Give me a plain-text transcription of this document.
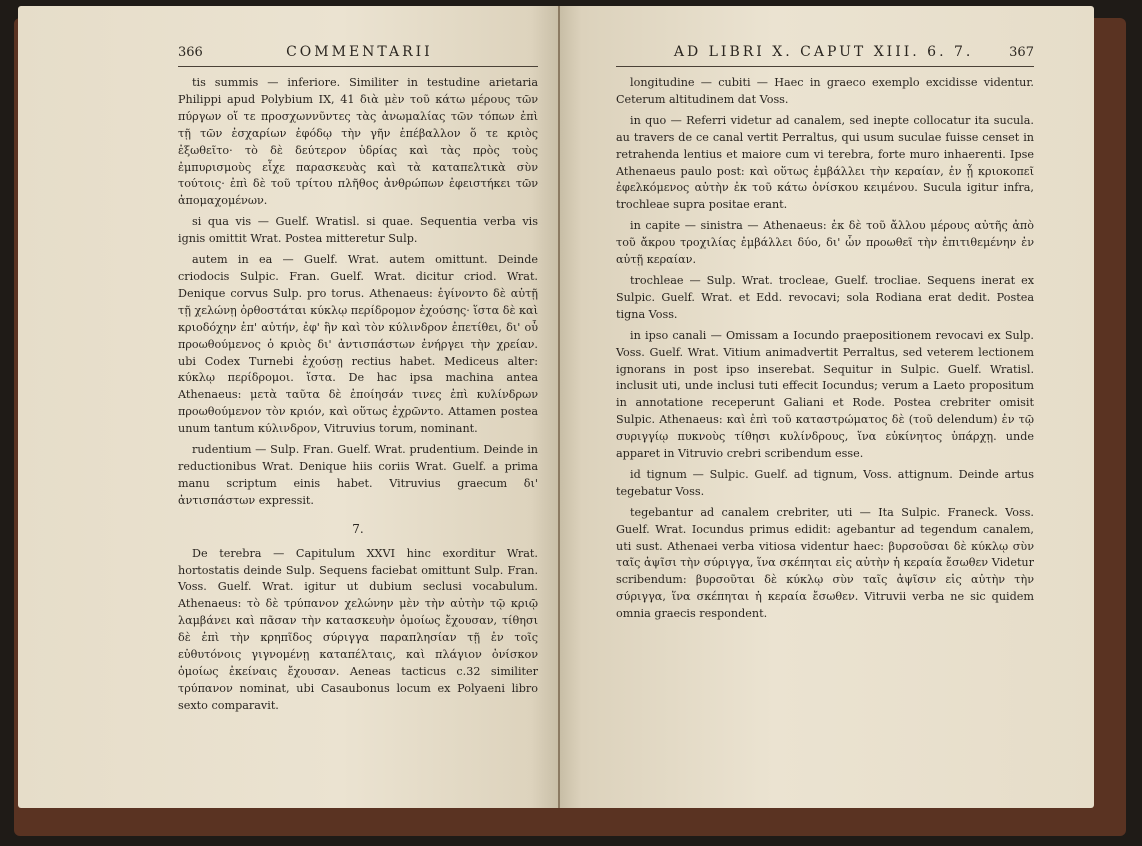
366	COMMENTARII

tis summis — inferiore. Similiter in testudine arietaria Philippi apud Polybium IX, 41 διὰ μὲν τοῦ κάτω μέρους τῶν πύργων οἵ τε προσχωννῦντες τὰς ἀνωμαλίας τῶν τόπων ἐπὶ τῇ τῶν ἐσχαρίων ἐφόδῳ τὴν γῆν ἐπέβαλλον ὅ τε κριὸς ἐξωθεῖτο· τὸ δὲ δεύτερον ὑδρίας καὶ τὰς πρὸς τοὺς ἐμπυρισμοὺς εἶχε παρασκευὰς καὶ τὰ καταπελτικὰ σὺν τούτοις· ἐπὶ δὲ τοῦ τρίτου πλῆθος ἀνθρώπων ἐφειστήκει τῶν ἀπομαχομένων.

si qua vis — Guelf. Wratisl. si quae. Sequentia verba vis ignis omittit Wrat. Postea mitteretur Sulp.

autem in ea — Guelf. Wrat. autem omittunt. Deinde criodocis Sulpic. Fran. Guelf. Wrat. dicitur criod. Wrat. Denique corvus Sulp. pro torus. Athenaeus: ἐγίνοντο δὲ αὐτῇ τῇ χελώνῃ ὀρθοστάται κύκλῳ περίδρομον ἐχούσης· ἵστα δὲ καὶ κριοδόχην ἐπ' αὐτήν, ἐφ' ἣν καὶ τὸν κύλινδρον ἐπετίθει, δι' οὗ προωθούμενος ὁ κριὸς δι' ἀντισπάστων ἐνήργει τὴν χρείαν. ubi Codex Turnebi ἐχούσῃ rectius habet. Mediceus alter: κύκλῳ περίδρομοι. ἵστα. De hac ipsa machina antea Athenaeus: μετὰ ταῦτα δὲ ἐποίησάν τινες ἐπὶ κυλίνδρων προωθούμενον τὸν κριόν, καὶ οὕτως ἐχρῶντο. Attamen postea unum tantum κύλινδρον, Vitruvius torum, nominant.

rudentium — Sulp. Fran. Guelf. Wrat. prudentium. Deinde in reductionibus Wrat. Denique hiis coriis Wrat. Guelf. a prima manu scriptum einis habet. Vitruvius graecum δι' ἀντισπάστων expressit.

7.

De terebra — Capitulum XXVI hinc exorditur Wrat. hortostatis deinde Sulp. Sequens faciebat omittunt Sulp. Fran. Voss. Guelf. Wrat. igitur ut dubium seclusi vocabulum. Athenaeus: τὸ δὲ τρύπανον χελώνην μὲν τὴν αὐτὴν τῷ κριῷ λαμβάνει καὶ πᾶσαν τὴν κατασκευὴν ὁμοίως ἔχουσαν, τίθησι δὲ ἐπὶ τὴν κρηπῖδος σύριγγα παραπλησίαν τῇ ἐν τοῖς εὐθυτόνοις γιγνομένῃ καταπέλταις, καὶ πλάγιον ὀνίσκον ὁμοίως ἐκείναις ἔχουσαν. Aeneas tacticus c.32 similiter τρύπανον nominat, ubi Casaubonus locum ex Polyaeni libro sexto comparavit.

AD LIBRI X. CAPUT XIII. 6. 7.	367

longitudine — cubiti — Haec in graeco exemplo excidisse videntur. Ceterum altitudinem dat Voss.

in quo — Referri videtur ad canalem, sed inepte collocatur ita sucula. au travers de ce canal vertit Perraltus, qui usum suculae fuisse censet in retrahenda lentius et maiore cum vi terebra, forte muro inhaerenti. Ipse Athenaeus paulo post: καὶ οὕτως ἐμβάλλει τὴν κεραίαν, ἐν ᾗ κριοκοπεῖ ἐφελκόμενος αὐτὴν ἐκ τοῦ κάτω ὀνίσκου κειμένου. Sucula igitur infra, trochleae supra positae erant.

in capite — sinistra — Athenaeus: ἐκ δὲ τοῦ ἄλλου μέρους αὐτῆς ἀπὸ τοῦ ἄκρου τροχιλίας ἐμβάλλει δύο, δι' ὧν προωθεῖ τὴν ἐπιτιθεμένην ἐν αὐτῇ κεραίαν.

trochleae — Sulp. Wrat. trocleae, Guelf. trocliae. Sequens inerat ex Sulpic. Guelf. Wrat. et Edd. revocavi; sola Rodiana erat dedit. Postea tigna Voss.

in ipso canali — Omissam a Iocundo praepositionem revocavi ex Sulp. Voss. Guelf. Wrat. Vitium animadvertit Perraltus, sed veterem lectionem ignorans in post ipso inserebat. Sequitur in Sulpic. Guelf. Wratisl. inclusit uti, unde inclusi tuti effecit Iocundus; verum a Laeto propositum in annotatione receperunt Galiani et Rode. Postea crebriter omisit Sulpic. Athenaeus: καὶ ἐπὶ τοῦ καταστρώματος δὲ (τοῦ delendum) ἐν τῷ συριγγίῳ πυκνοὺς τίθησι κυλίνδρους, ἵνα εὐκίνητος ὑπάρχῃ. unde apparet in Vitruvio crebri scribendum esse.

id tignum — Sulpic. Guelf. ad tignum, Voss. attignum. Deinde artus tegebatur Voss.

tegebantur ad canalem crebriter, uti — Ita Sulpic. Franeck. Voss. Guelf. Wrat. Iocundus primus edidit: agebantur ad tegendum canalem, uti sust. Athenaei verba vitiosa videntur haec: βυρσοῦσαι δὲ κύκλῳ σὺν ταῖς ἀψῖσι τὴν σύριγγα, ἵνα σκέπηται εἰς αὐτὴν ἡ κεραία ἔσωθεν Videtur scribendum: βυρσοῦται δὲ κύκλῳ σὺν ταῖς ἀψῖσιν εἰς αὐτὴν τὴν σύριγγα, ἵνα σκέπηται ἡ κεραία ἔσωθεν. Vitruvii verba ne sic quidem omnia graecis respondent.
